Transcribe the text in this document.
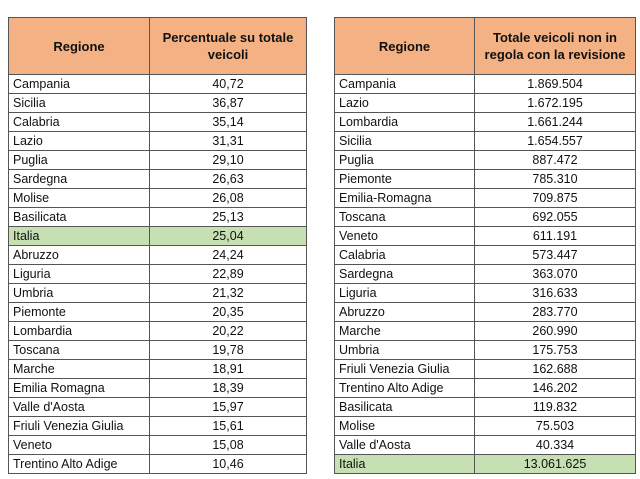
Regione	Percentuale su totale veicoli
Campania	40,72
Sicilia	36,87
Calabria	35,14
Lazio	31,31
Puglia	29,10
Sardegna	26,63
Molise	26,08
Basilicata	25,13
Italia	25,04
Abruzzo	24,24
Liguria	22,89
Umbria	21,32
Piemonte	20,35
Lombardia	20,22
Toscana	19,78
Marche	18,91
Emilia Romagna	18,39
Valle d'Aosta	15,97
Friuli Venezia Giulia	15,61
Veneto	15,08
Trentino Alto Adige	10,46
Regione	Totale veicoli non in regola con la revisione
Campania	1.869.504
Lazio	1.672.195
Lombardia	1.661.244
Sicilia	1.654.557
Puglia	887.472
Piemonte	785.310
Emilia-Romagna	709.875
Toscana	692.055
Veneto	611.191
Calabria	573.447
Sardegna	363.070
Liguria	316.633
Abruzzo	283.770
Marche	260.990
Umbria	175.753
Friuli Venezia Giulia	162.688
Trentino Alto Adige	146.202
Basilicata	119.832
Molise	75.503
Valle d'Aosta	40.334
Italia	13.061.625
